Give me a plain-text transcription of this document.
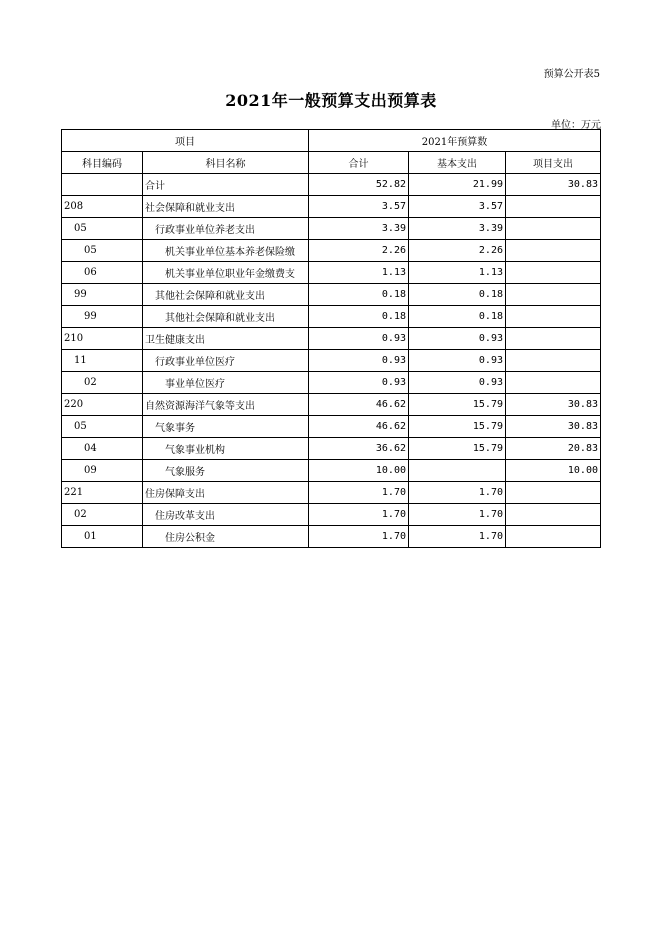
预算公开表5
2021年一般预算支出预算表
单位：万元
项目		2021年预算数		
科目编码	科目名称	合计	基本支出	项目支出
	合计	52.82	21.99	30.83
208	社会保障和就业支出	3.57	3.57	
05	行政事业单位养老支出	3.39	3.39	
05	机关事业单位基本养老保险缴	2.26	2.26	
06	机关事业单位职业年金缴费支	1.13	1.13	
99	其他社会保障和就业支出	0.18	0.18	
99	其他社会保障和就业支出	0.18	0.18	
210	卫生健康支出	0.93	0.93	
11	行政事业单位医疗	0.93	0.93	
02	事业单位医疗	0.93	0.93	
220	自然资源海洋气象等支出	46.62	15.79	30.83
05	气象事务	46.62	15.79	30.83
04	气象事业机构	36.62	15.79	20.83
09	气象服务	10.00		10.00
221	住房保障支出	1.70	1.70	
02	住房改革支出	1.70	1.70	
01	住房公积金	1.70	1.70	
